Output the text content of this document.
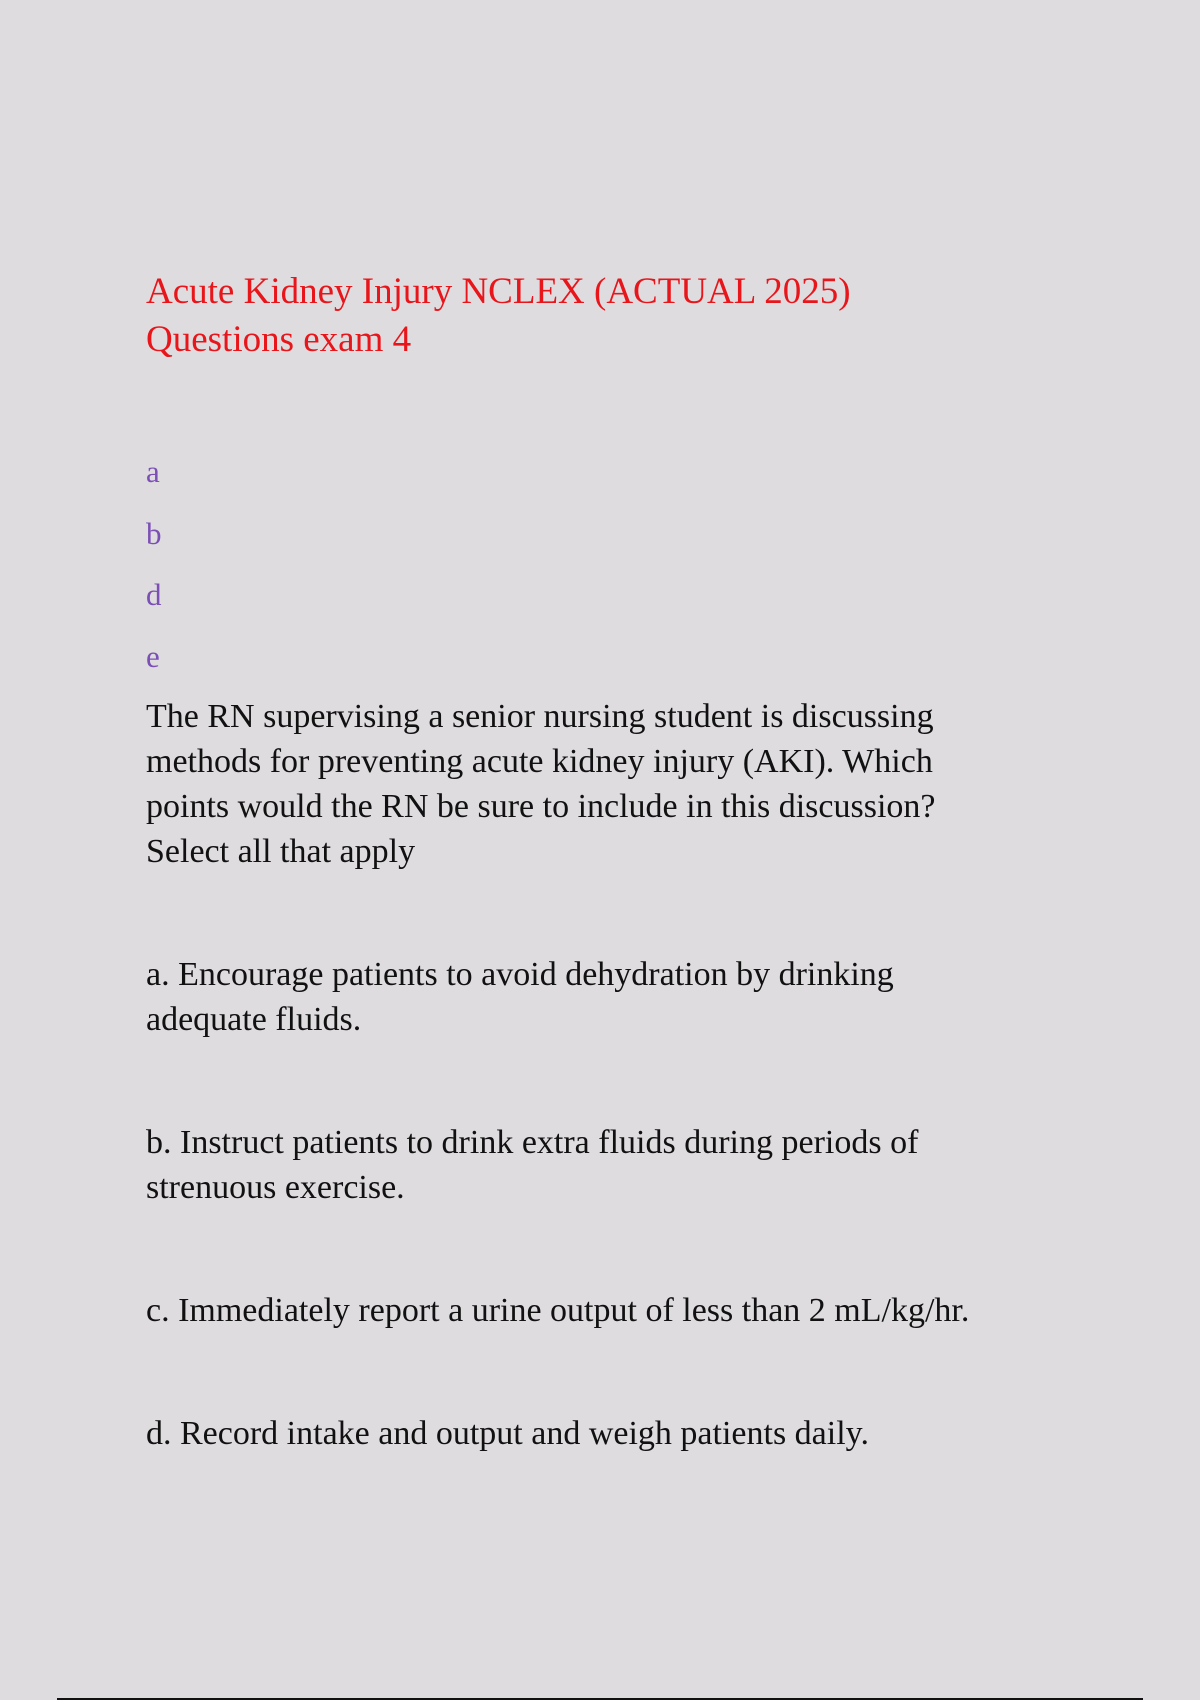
Acute Kidney Injury NCLEX (ACTUAL 2025)
Questions exam 4
a
b
d
e

The RN supervising a senior nursing student is discussing
methods for preventing acute kidney injury (AKI). Which
points would the RN be sure to include in this discussion?
Select all that apply

a. Encourage patients to avoid dehydration by drinking
adequate fluids.

b. Instruct patients to drink extra fluids during periods of
strenuous exercise.

c. Immediately report a urine output of less than 2 mL/kg/hr.

d. Record intake and output and weigh patients daily.
